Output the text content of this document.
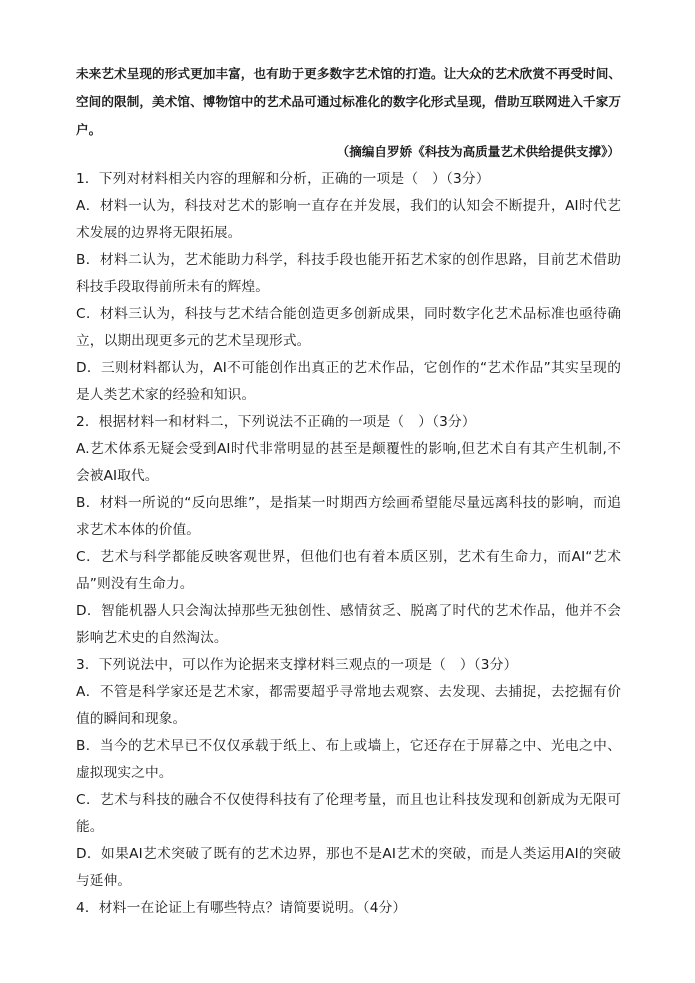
未来艺术呈现的形式更加丰富，也有助于更多数字艺术馆的打造。让大众的艺术欣赏不再受时间、空间的限制，美术馆、博物馆中的艺术品可通过标准化的数字化形式呈现，借助互联网进入千家万户。

（摘编自罗娇《科技为高质量艺术供给提供支撑》）

1．下列对材料相关内容的理解和分析，正确的一项是（　）（3分）

A．材料一认为，科技对艺术的影响一直存在并发展，我们的认知会不断提升，AI时代艺术发展的边界将无限拓展。

B．材料二认为，艺术能助力科学，科技手段也能开拓艺术家的创作思路，目前艺术借助科技手段取得前所未有的辉煌。

C．材料三认为，科技与艺术结合能创造更多创新成果，同时数字化艺术品标准也亟待确立，以期出现更多元的艺术呈现形式。

D．三则材料都认为，AI不可能创作出真正的艺术作品，它创作的“艺术作品”其实呈现的是人类艺术家的经验和知识。

2．根据材料一和材料二，下列说法不正确的一项是（　）（3分）

A.艺术体系无疑会受到AI时代非常明显的甚至是颠覆性的影响,但艺术自有其产生机制,不会被AI取代。

B．材料一所说的“反向思维”，是指某一时期西方绘画希望能尽量远离科技的影响，而追求艺术本体的价值。

C．艺术与科学都能反映客观世界，但他们也有着本质区别，艺术有生命力，而AI“艺术品”则没有生命力。

D．智能机器人只会淘汰掉那些无独创性、感情贫乏、脱离了时代的艺术作品，他并不会影响艺术史的自然淘汰。

3．下列说法中，可以作为论据来支撑材料三观点的一项是（　）（3分）

A．不管是科学家还是艺术家，都需要超乎寻常地去观察、去发现、去捕捉，去挖掘有价值的瞬间和现象。

B．当今的艺术早已不仅仅承载于纸上、布上或墙上，它还存在于屏幕之中、光电之中、虚拟现实之中。

C．艺术与科技的融合不仅使得科技有了伦理考量，而且也让科技发现和创新成为无限可能。

D．如果AI艺术突破了既有的艺术边界，那也不是AI艺术的突破，而是人类运用AI的突破与延伸。

4．材料一在论证上有哪些特点？请简要说明。（4分）
